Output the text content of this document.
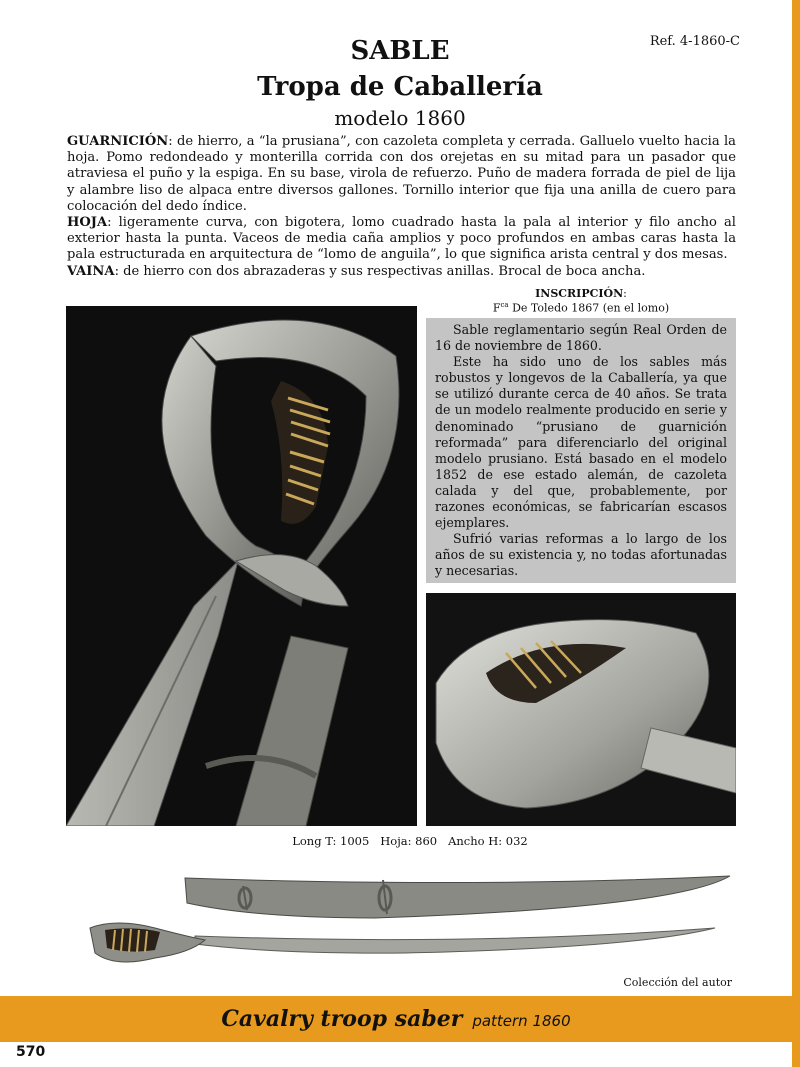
Ref. 4-1860-C
SABLE
Tropa de Caballería
modelo 1860

GUARNICIÓN: de hierro, a “la prusiana”, con cazoleta completa y cerrada. Galluelo vuelto hacia la hoja. Pomo redondeado y monterilla corrida con dos orejetas en su mitad para un pasador que atraviesa el puño y la espiga. En su base, virola de refuerzo. Puño de madera forrada de piel de lija y alambre liso de alpaca entre diversos gallones. Tornillo interior que fija una anilla de cuero para colocación del dedo índice.

HOJA: ligeramente curva, con bigotera, lomo cuadrado hasta la pala al interior y filo ancho al exterior hasta la punta. Vaceos de media caña amplios y poco profundos en ambas caras hasta la pala estructurada en arquitectura de “lomo de anguila”, lo que significa arista central y dos mesas.

VAINA: de hierro con dos abrazaderas y sus respectivas anillas. Brocal de boca ancha.

INSCRIPCIÓN:
$F^{ca}$ De Toledo 1867 (en el lomo)

Sable reglamentario según Real Orden de 16 de noviembre de 1860.

Este ha sido uno de los sables más robustos y longevos de la Caballería, ya que se utilizó durante cerca de 40 años. Se trata de un modelo realmente producido en serie y denominado “prusiano de guarnición reformada” para diferenciarlo del original modelo prusiano. Está basado en el modelo 1852 de ese estado alemán, de cazoleta calada y del que, probablemente, por razones económicas, se fabricarían escasos ejemplares.

Sufrió varias reformas a lo largo de los años de su existencia y, no todas afortunadas y necesarias.

Long T: 1005 Hoja: 860 Ancho H: 032
Colección del autor
Cavalry troop saber pattern 1860
570
